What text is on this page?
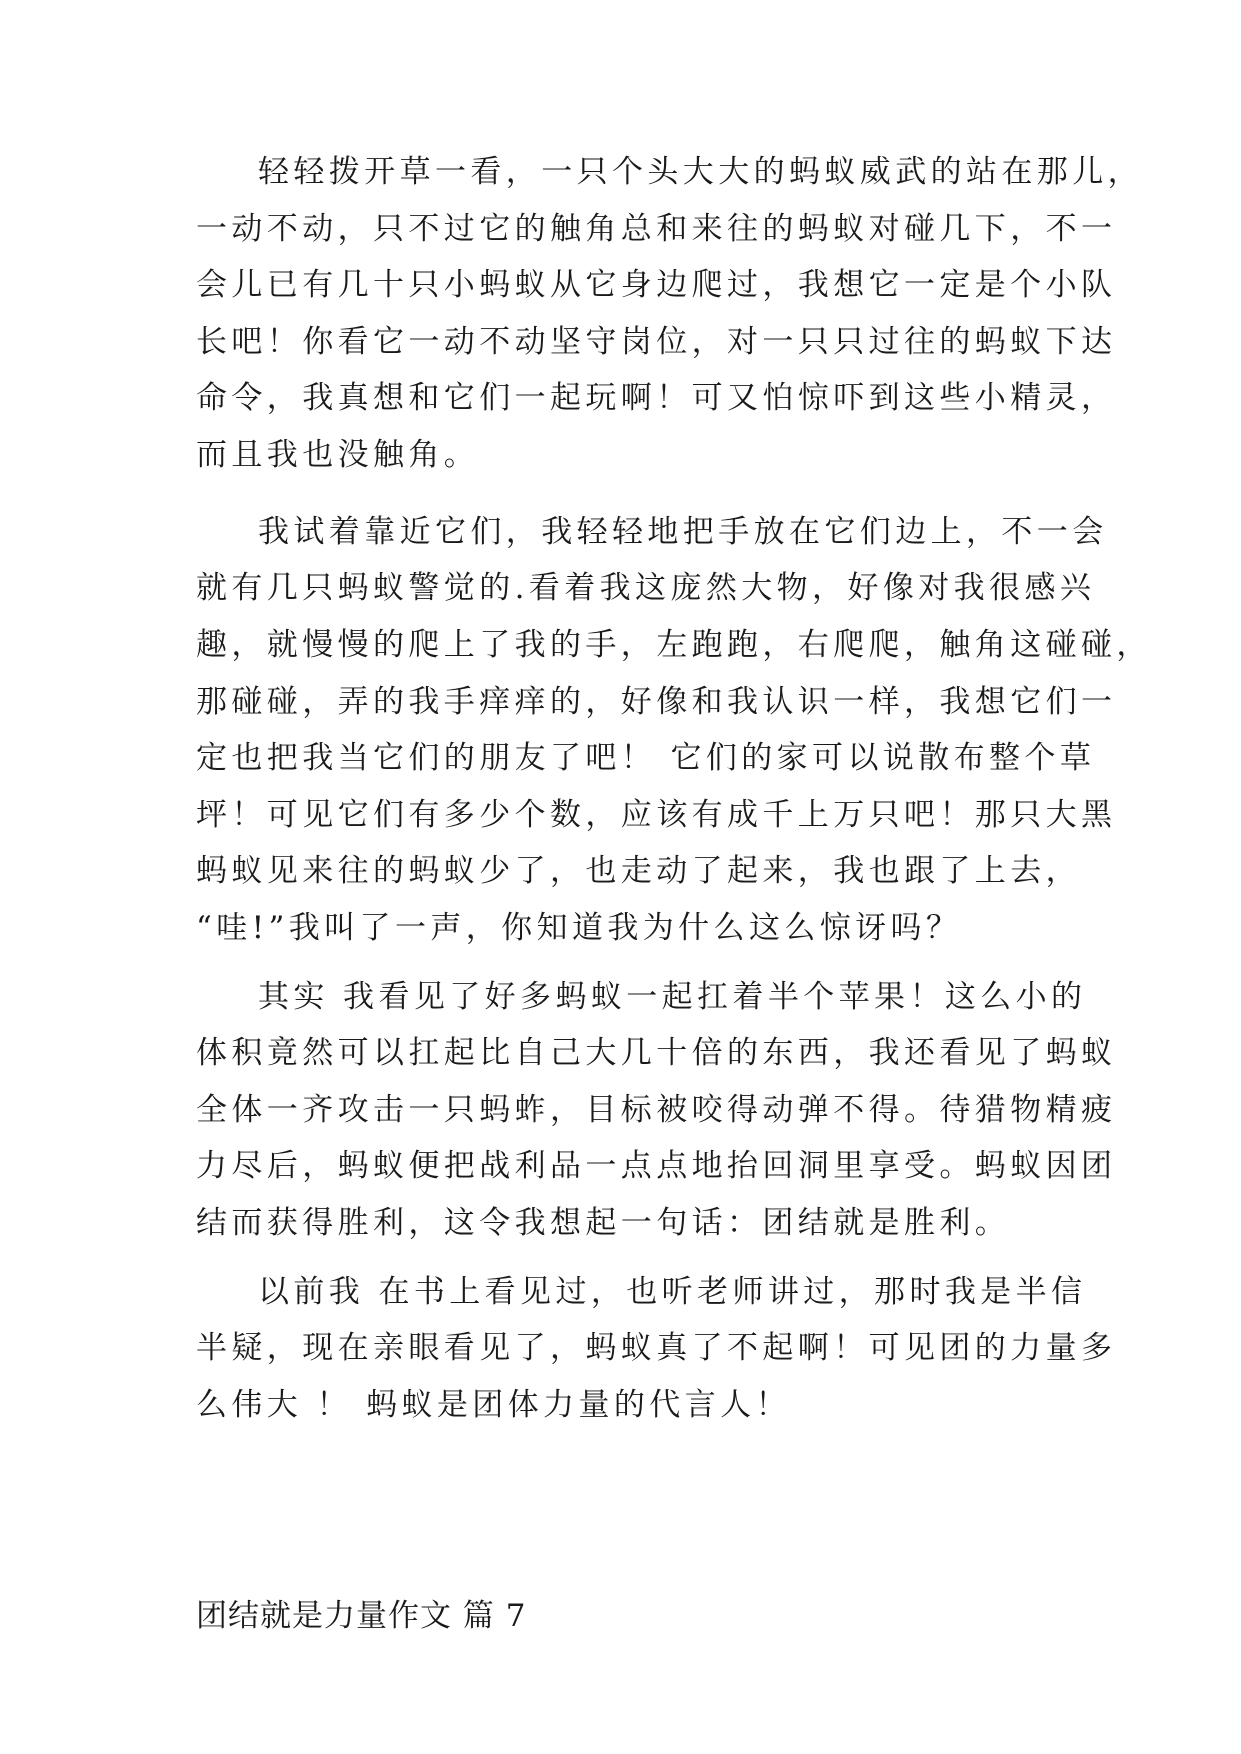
轻轻拨开草一看，一只个头大大的蚂蚁威武的站在那儿，
一动不动，只不过它的触角总和来往的蚂蚁对碰几下，不一
会儿已有几十只小蚂蚁从它身边爬过，我想它一定是个小队
长吧！你看它一动不动坚守岗位，对一只只过往的蚂蚁下达
命令，我真想和它们一起玩啊！可又怕惊吓到这些小精灵，
而且我也没触角。
我试着靠近它们，我轻轻地把手放在它们边上，不一会
就有几只蚂蚁警觉的.看着我这庞然大物，好像对我很感兴
趣，就慢慢的爬上了我的手，左跑跑，右爬爬，触角这碰碰，
那碰碰，弄的我手痒痒的，好像和我认识一样，我想它们一
定也把我当它们的朋友了吧！ 它们的家可以说散布整个草
坪！可见它们有多少个数，应该有成千上万只吧！那只大黑
蚂蚁见来往的蚂蚁少了，也走动了起来，我也跟了上去，
“哇!”我叫了一声，你知道我为什么这么惊讶吗？
其实 我看见了好多蚂蚁一起扛着半个苹果！这么小的
体积竟然可以扛起比自己大几十倍的东西，我还看见了蚂蚁
全体一齐攻击一只蚂蚱，目标被咬得动弹不得。待猎物精疲
力尽后，蚂蚁便把战利品一点点地抬回洞里享受。蚂蚁因团
结而获得胜利，这令我想起一句话：团结就是胜利。
以前我 在书上看见过，也听老师讲过，那时我是半信
半疑，现在亲眼看见了，蚂蚁真了不起啊！可见团的力量多
么伟大 ！ 蚂蚁是团体力量的代言人！
团结就是力量作文 篇 7
